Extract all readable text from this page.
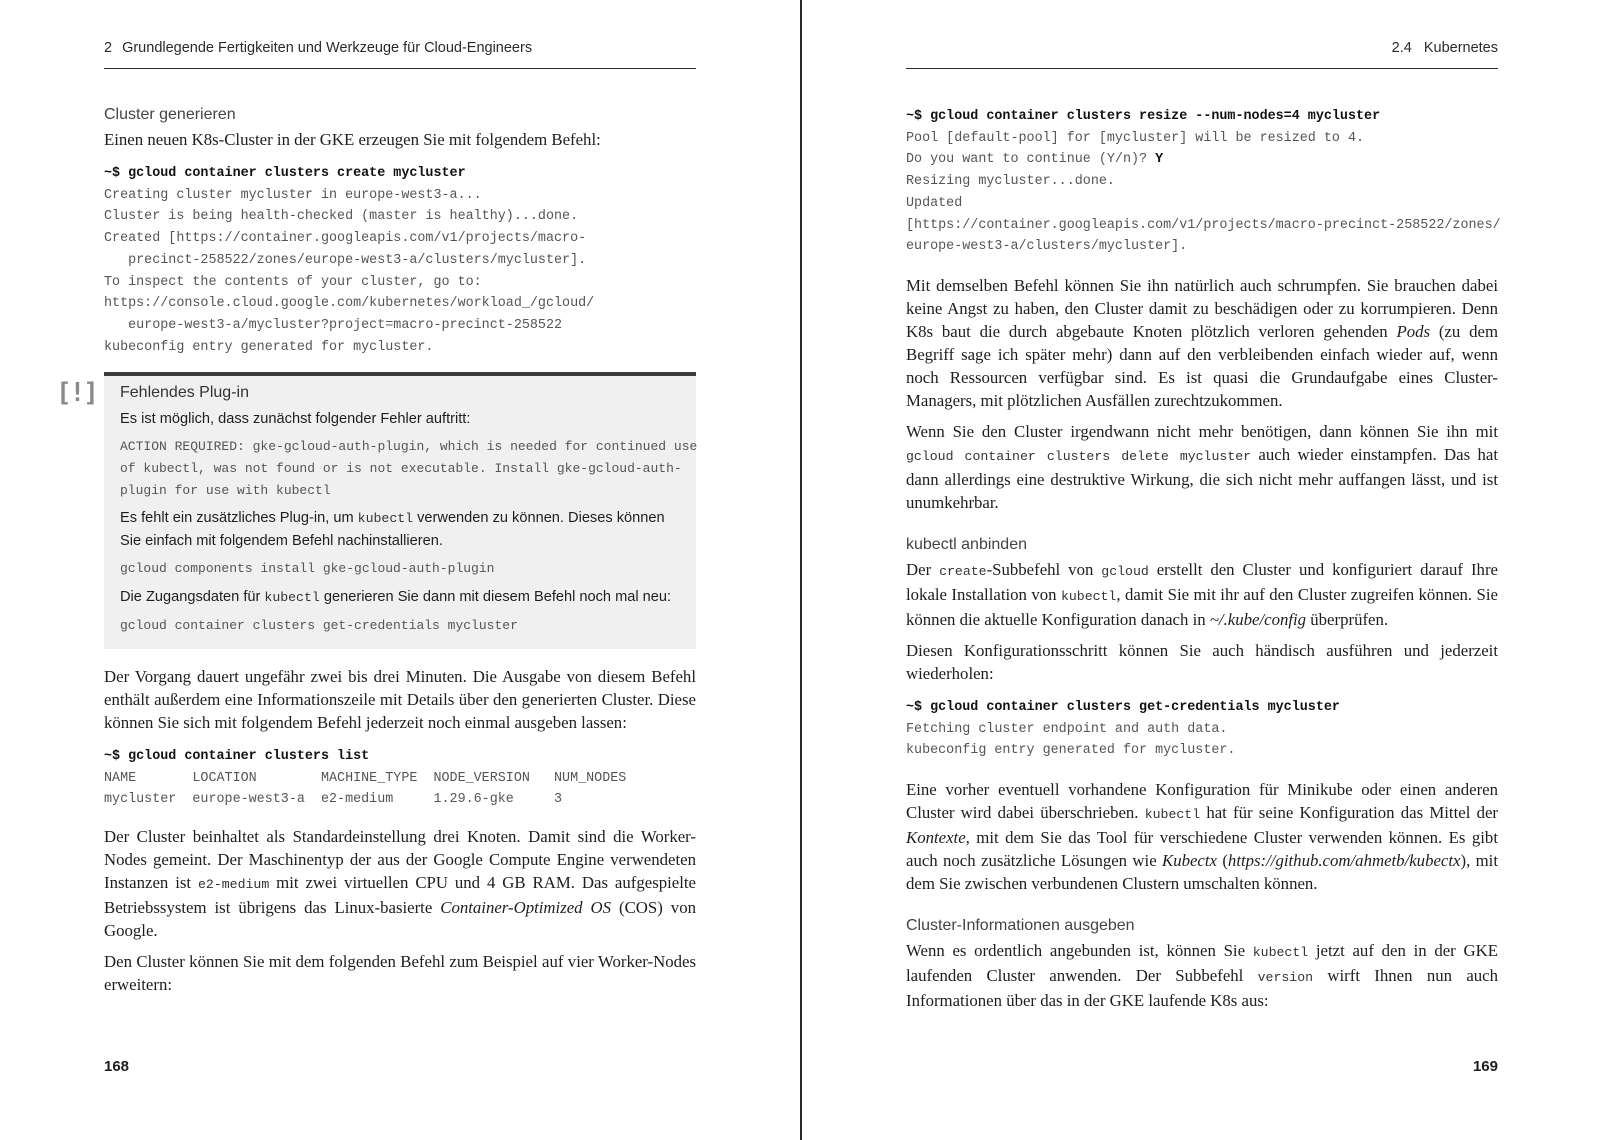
2 Grundlegende Fertigkeiten und Werkzeuge für Cloud-Engineers
Cluster generieren

Einen neuen K8s-Cluster in der GKE erzeugen Sie mit folgendem Befehl:

~$ gcloud container clusters create mycluster
Creating cluster mycluster in europe-west3-a...
Cluster is being health-checked (master is healthy)...done.
Created [https://container.googleapis.com/v1/projects/macro-
precinct-258522/zones/europe-west3-a/clusters/mycluster].
To inspect the contents of your cluster, go to:
https://console.cloud.google.com/kubernetes/workload_/gcloud/
europe-west3-a/mycluster?project=macro-precinct-258522
kubeconfig entry generated for mycluster.
[!] Fehlendes Plug-in

Es ist möglich, dass zunächst folgender Fehler auftritt:

ACTION REQUIRED: gke-gcloud-auth-plugin, which is needed for continued use
of kubectl, was not found or is not executable. Install gke-gcloud-auth-
plugin for use with kubectl

Es fehlt ein zusätzliches Plug-in, um kubectl verwenden zu können. Dieses können Sie einfach mit folgendem Befehl nachinstallieren.

gcloud components install gke-gcloud-auth-plugin

Die Zugangsdaten für kubectl generieren Sie dann mit diesem Befehl noch mal neu:

gcloud container clusters get-credentials mycluster

Der Vorgang dauert ungefähr zwei bis drei Minuten. Die Ausgabe von diesem Befehl enthält außerdem eine Informationszeile mit Details über den generierten Cluster. Diese können Sie sich mit folgendem Befehl jederzeit noch einmal ausgeben lassen:

~$ gcloud container clusters list
NAME       LOCATION        MACHINE_TYPE  NODE_VERSION   NUM_NODES
mycluster  europe-west3-a  e2-medium     1.29.6-gke     3

Der Cluster beinhaltet als Standardeinstellung drei Knoten. Damit sind die Worker-Nodes gemeint. Der Maschinentyp der aus der Google Compute Engine verwendeten Instanzen ist e2-medium mit zwei virtuellen CPU und 4 GB RAM. Das aufgespielte Betriebssystem ist übrigens das Linux-basierte Container-Optimized OS (COS) von Google.

Den Cluster können Sie mit dem folgenden Befehl zum Beispiel auf vier Worker-Nodes erweitern:

168
2.4 Kubernetes
~$ gcloud container clusters resize --num-nodes=4 mycluster
Pool [default-pool] for [mycluster] will be resized to 4.
Do you want to continue (Y/n)? Y
Resizing mycluster...done.
Updated
[https://container.googleapis.com/v1/projects/macro-precinct-258522/zones/
europe-west3-a/clusters/mycluster].

Mit demselben Befehl können Sie ihn natürlich auch schrumpfen. Sie brauchen dabei keine Angst zu haben, den Cluster damit zu beschädigen oder zu korrumpieren. Denn K8s baut die durch abgebaute Knoten plötzlich verloren gehenden Pods (zu dem Begriff sage ich später mehr) dann auf den verbleibenden einfach wieder auf, wenn noch Ressourcen verfügbar sind. Es ist quasi die Grundaufgabe eines Cluster-Managers, mit plötzlichen Ausfällen zurechtzukommen.

Wenn Sie den Cluster irgendwann nicht mehr benötigen, dann können Sie ihn mit gcloud container clusters delete mycluster auch wieder einstampfen. Das hat dann allerdings eine destruktive Wirkung, die sich nicht mehr auffangen lässt, und ist unumkehrbar.

kubectl anbinden

Der create-Subbefehl von gcloud erstellt den Cluster und konfiguriert darauf Ihre lokale Installation von kubectl, damit Sie mit ihr auf den Cluster zugreifen können. Sie können die aktuelle Konfiguration danach in ~/.kube/config überprüfen.

Diesen Konfigurationsschritt können Sie auch händisch ausführen und jederzeit wiederholen:

~$ gcloud container clusters get-credentials mycluster
Fetching cluster endpoint and auth data.
kubeconfig entry generated for mycluster.

Eine vorher eventuell vorhandene Konfiguration für Minikube oder einen anderen Cluster wird dabei überschrieben. kubectl hat für seine Konfiguration das Mittel der Kontexte, mit dem Sie das Tool für verschiedene Cluster verwenden können. Es gibt auch noch zusätzliche Lösungen wie Kubectx (https://github.com/ahmetb/kubectx), mit dem Sie zwischen verbundenen Clustern umschalten können.

Cluster-Informationen ausgeben

Wenn es ordentlich angebunden ist, können Sie kubectl jetzt auf den in der GKE laufenden Cluster anwenden. Der Subbefehl version wirft Ihnen nun auch Informationen über das in der GKE laufende K8s aus:

169
